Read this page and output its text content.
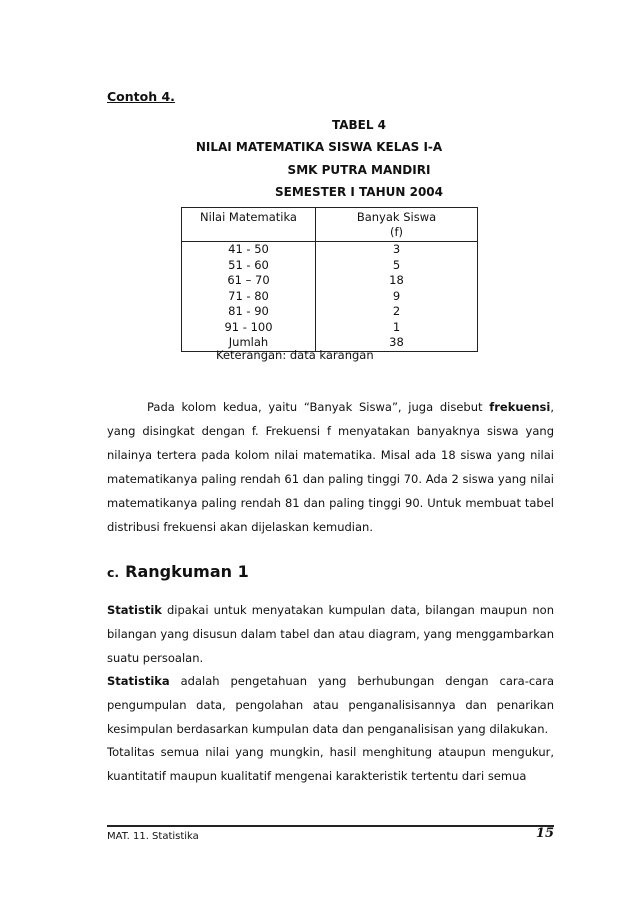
Contoh 4.
TABEL 4
NILAI MATEMATIKA SISWA KELAS I-A
SMK PUTRA MANDIRI
SEMESTER I TAHUN 2004
Nilai Matematika	Banyak Siswa
(f)
41 - 50	3
51 - 60	5
61 – 70	18
71 - 80	9
81 - 90	2
91 - 100	1
Jumlah	38
Keterangan: data karangan
Pada kolom kedua, yaitu “Banyak Siswa”, juga disebut frekuensi, yang disingkat dengan f. Frekuensi f menyatakan banyaknya siswa yang nilainya tertera pada kolom nilai matematika. Misal ada 18 siswa yang nilai matematikanya paling rendah 61 dan paling tinggi 70. Ada 2 siswa yang nilai matematikanya paling rendah 81 dan paling tinggi 90. Untuk membuat tabel distribusi frekuensi akan dijelaskan kemudian.
c. Rangkuman 1
Statistik dipakai untuk menyatakan kumpulan data, bilangan maupun non bilangan yang disusun dalam tabel dan atau diagram, yang menggambarkan suatu persoalan.
Statistika adalah pengetahuan yang berhubungan dengan cara-cara pengumpulan data, pengolahan atau penganalisisannya dan penarikan kesimpulan berdasarkan kumpulan data dan penganalisisan yang dilakukan.
Totalitas semua nilai yang mungkin, hasil menghitung ataupun mengukur, kuantitatif maupun kualitatif mengenai karakteristik tertentu dari semua
MAT. 11. Statistika	15
